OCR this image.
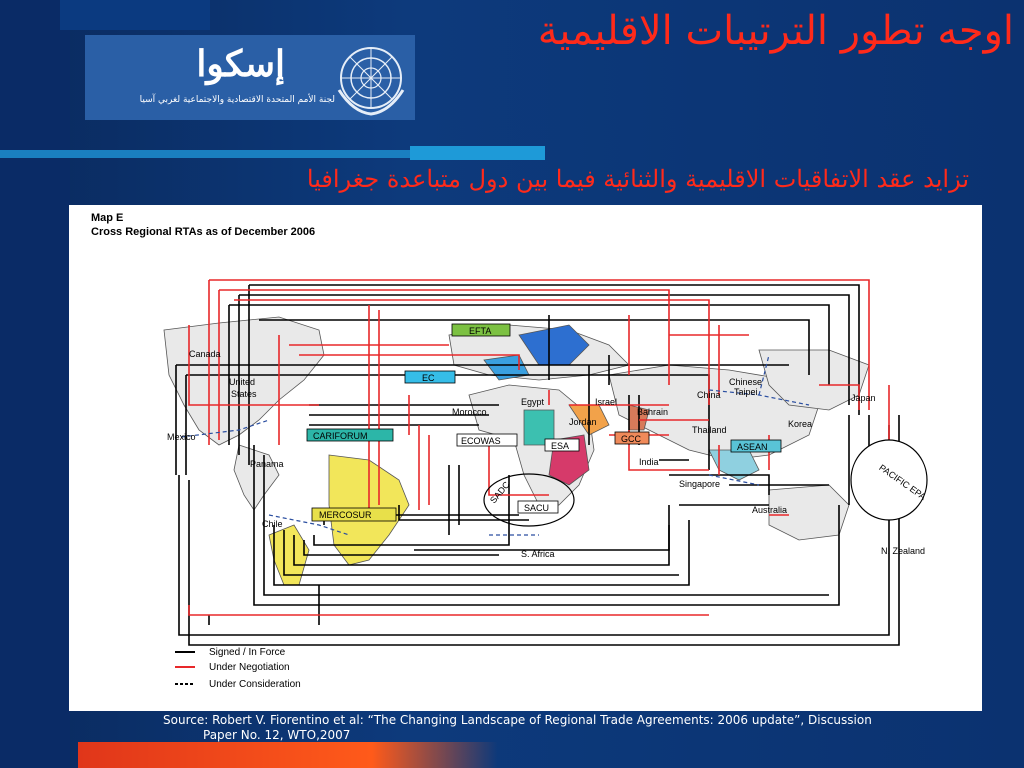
إسكوا
لجنة الأمم المتحدة الاقتصادية والاجتماعية لغربي آسيا
اوجه تطور الترتيبات الاقليمية
تزايد عقد الاتفاقيات الاقليمية والثنائية فيما بين دول متباعدة جغرافيا
Map E
Cross Regional RTAs as of December 2006
PACIFIC EPA
SADC
EFTA
EC
CARIFORUM	ECOWAS	ESA
GCC
ASEAN
MERCOSUR
SACU
Canada
United
States
Mexico
Panama
Chile
Morocco
Egypt
Jordan
Israel
Bahrain
India
China
Chinese
Taipei
Thailand
Singapore
Korea
Japan
Australia
S. Africa	N. Zealand
Signed / In Force
Under Negotiation
Under Consideration
Source: Robert V. Fiorentino et al: “The Changing Landscape of Regional Trade Agreements: 2006 update”, Discussion
Paper No. 12, WTO,2007
